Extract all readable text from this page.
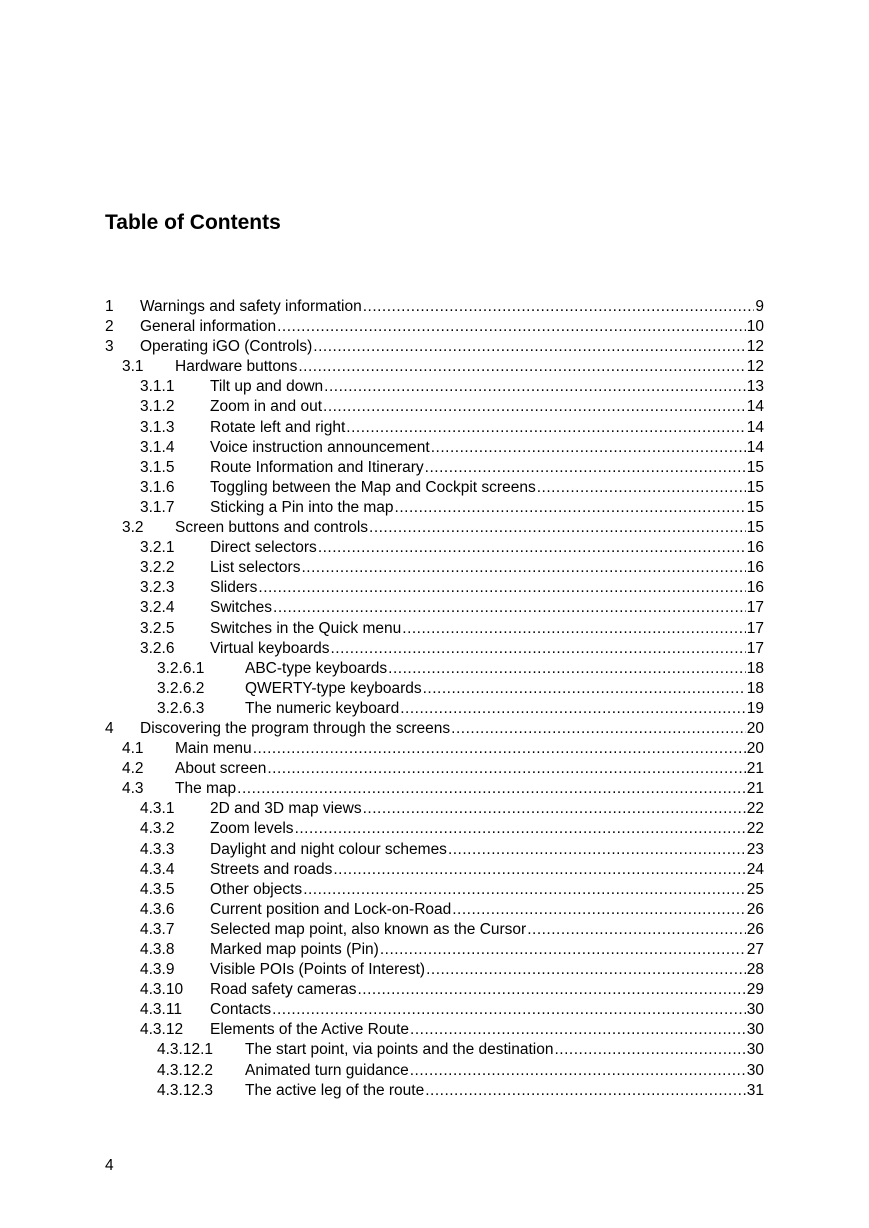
Table of Contents
1 Warnings and safety information .....	9
2 General information .....	10
3 Operating iGO (Controls) .....	12
3.1 Hardware buttons .....	12
3.1.1 Tilt up and down .....	13
3.1.2 Zoom in and out .....	14
3.1.3 Rotate left and right .....	14
3.1.4 Voice instruction announcement .....	14
3.1.5 Route Information and Itinerary .....	15
3.1.6 Toggling between the Map and Cockpit screens .....	15
3.1.7 Sticking a Pin into the map .....	15
3.2 Screen buttons and controls .....	15
3.2.1 Direct selectors .....	16
3.2.2 List selectors .....	16
3.2.3 Sliders .....	16
3.2.4 Switches .....	17
3.2.5 Switches in the Quick menu .....	17
3.2.6 Virtual keyboards .....	17
3.2.6.1	ABC-type keyboards .....	18
3.2.6.2	QWERTY-type keyboards .....	18
3.2.6.3	The numeric keyboard .....	19
4 Discovering the program through the screens .....	20
4.1 Main menu .....	20
4.2 About screen .....	21
4.3 The map .....	21
4.3.1 2D and 3D map views .....	22
4.3.2 Zoom levels .....	22
4.3.3 Daylight and night colour schemes .....	23
4.3.4 Streets and roads .....	24
4.3.5 Other objects .....	25
4.3.6 Current position and Lock-on-Road .....	26
4.3.7 Selected map point, also known as the Cursor .....	26
4.3.8 Marked map points (Pin) .....	27
4.3.9 Visible POIs (Points of Interest) .....	28
4.3.10 Road safety cameras .....	29
4.3.11 Contacts .....	30
4.3.12 Elements of the Active Route .....	30
4.3.12.1 The start point, via points and the destination .....	30
4.3.12.2 Animated turn guidance .....	30
4.3.12.3 The active leg of the route .....	31
4
